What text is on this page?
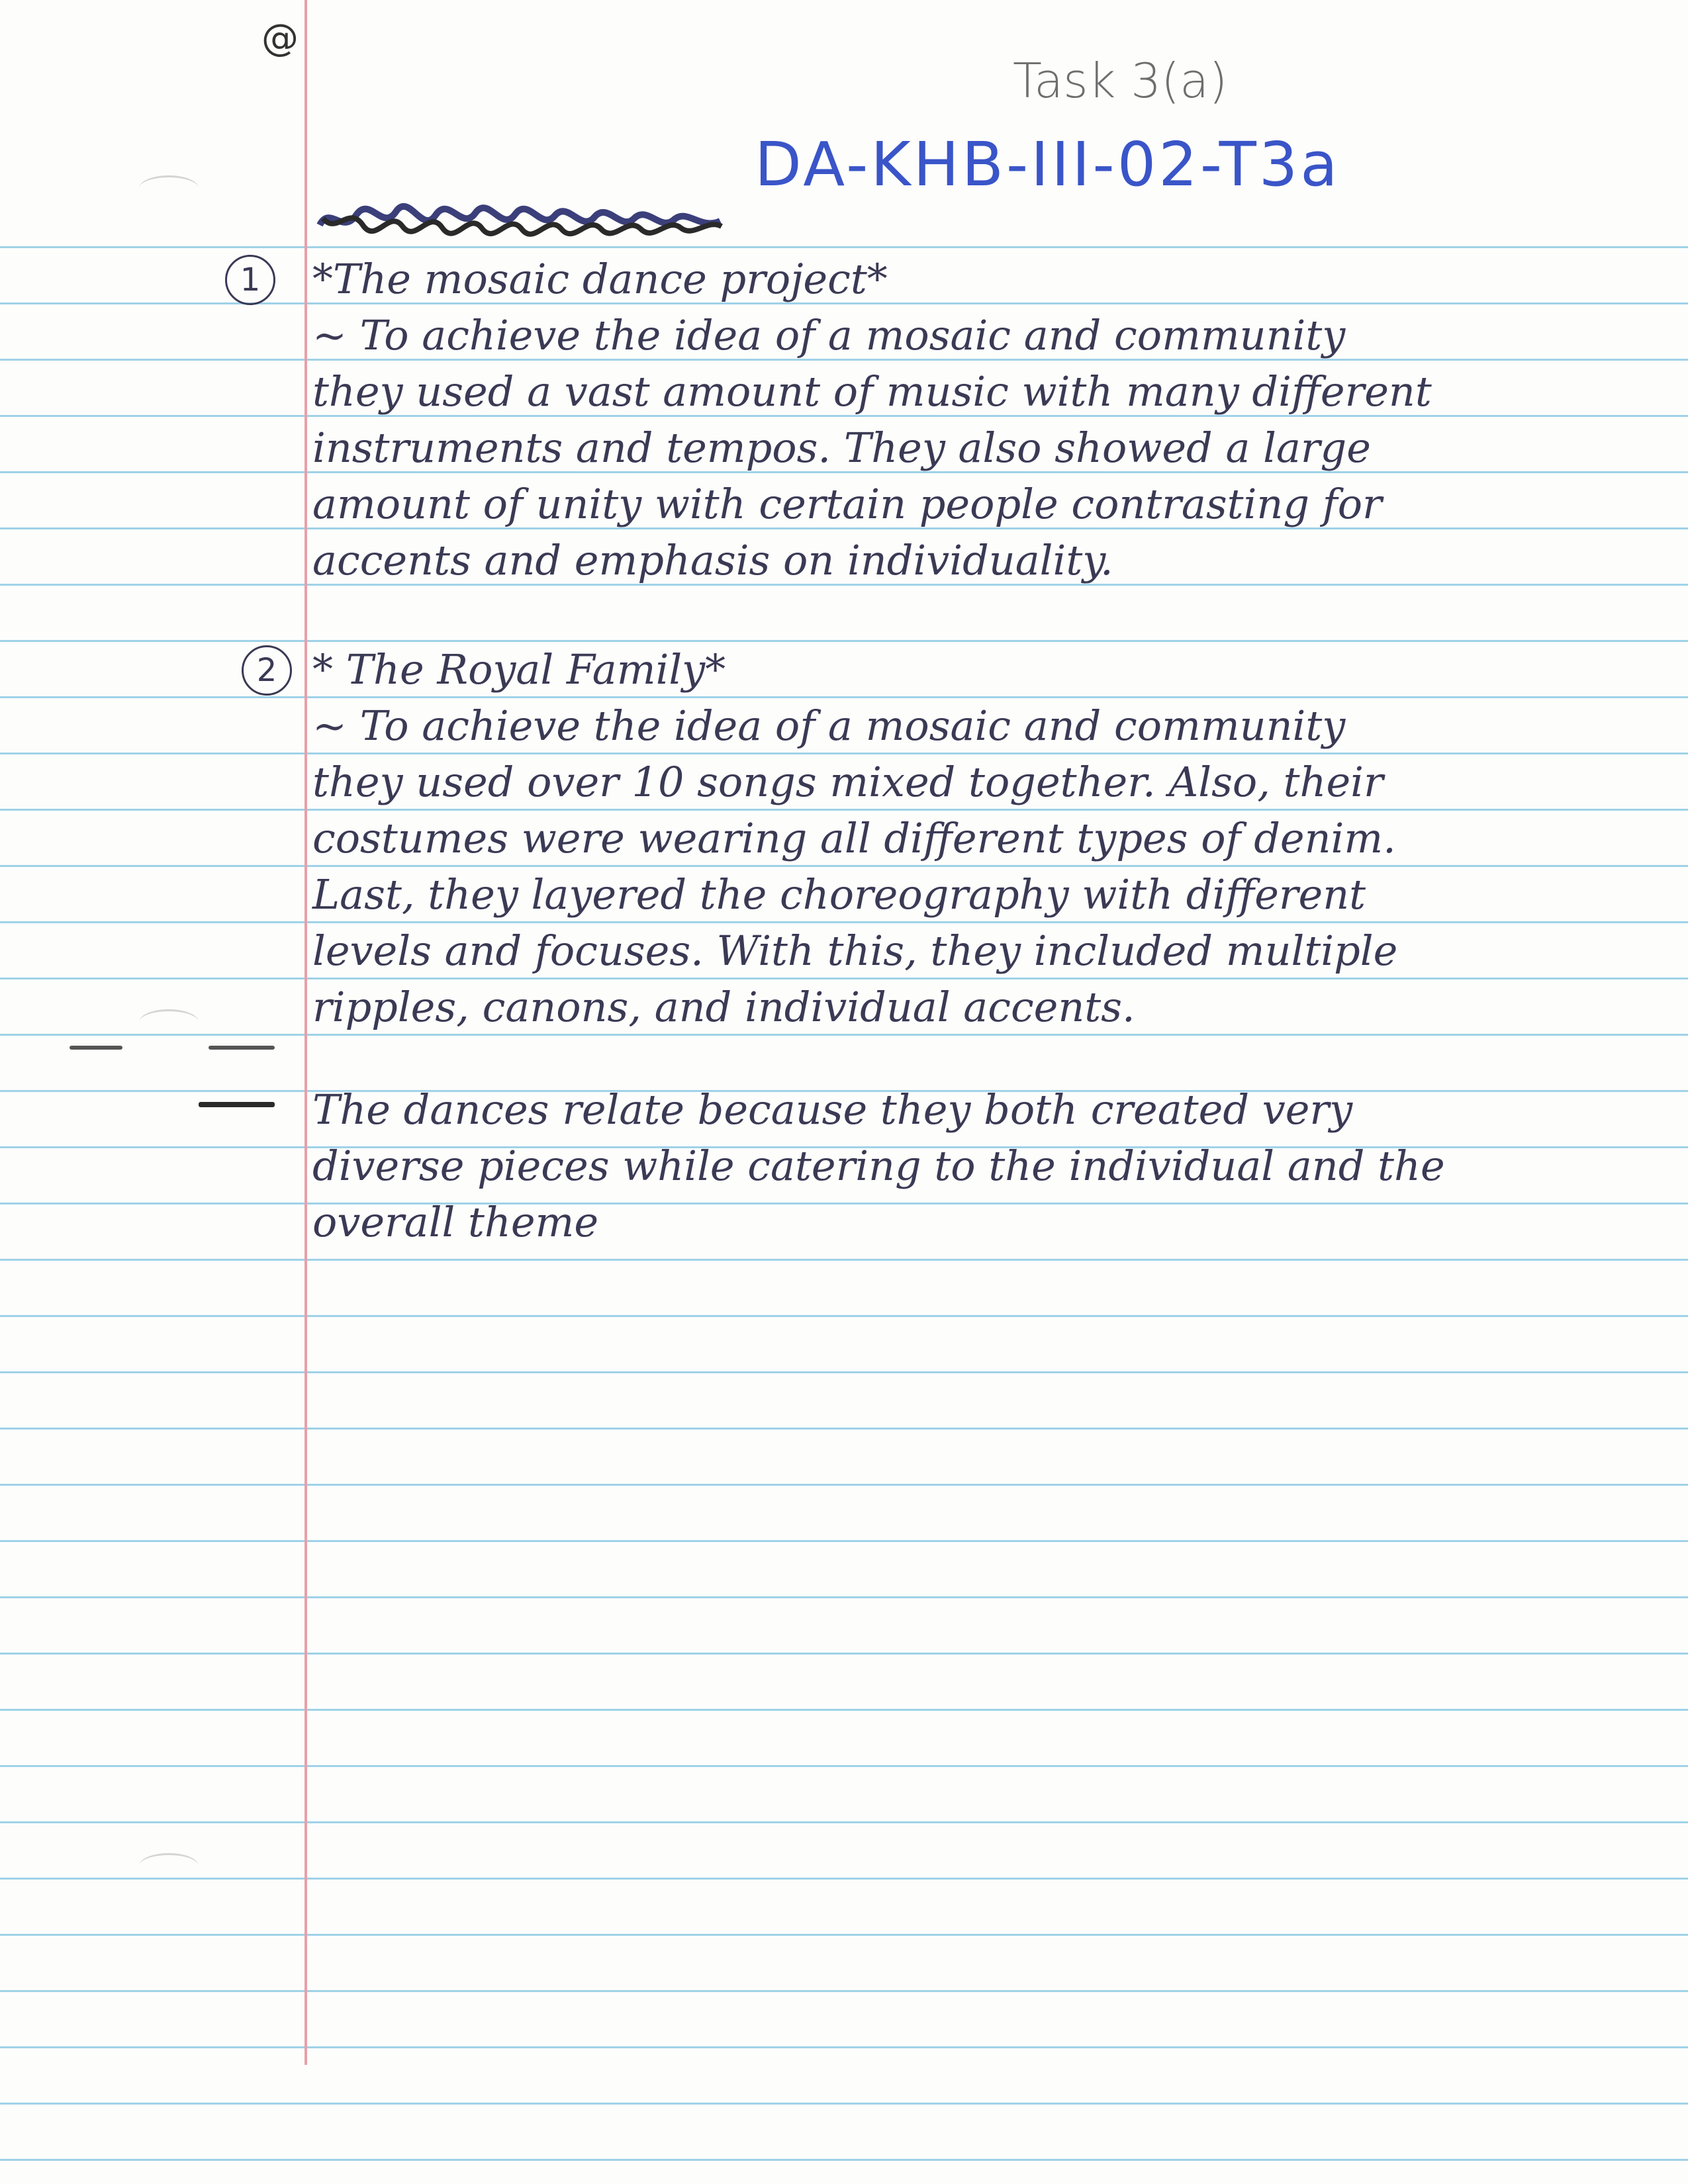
@
Task 3(a)
DA-KHB-III-02-T3a
1	*The mosaic dance project*
~ To achieve the idea of a mosaic and community
they used a vast amount of music with many different
instruments and tempos. They also showed a large
amount of unity with certain people contrasting for
accents and emphasis on individuality.
2 * The Royal Family*
~ To achieve the idea of a mosaic and community
they used over 10 songs mixed together. Also, their
costumes were wearing all different types of denim.
Last, they layered the choreography with different
levels and focuses. With this, they included multiple
ripples, canons, and individual accents.
The dances relate because they both created very
diverse pieces while catering to the individual and the
overall theme
